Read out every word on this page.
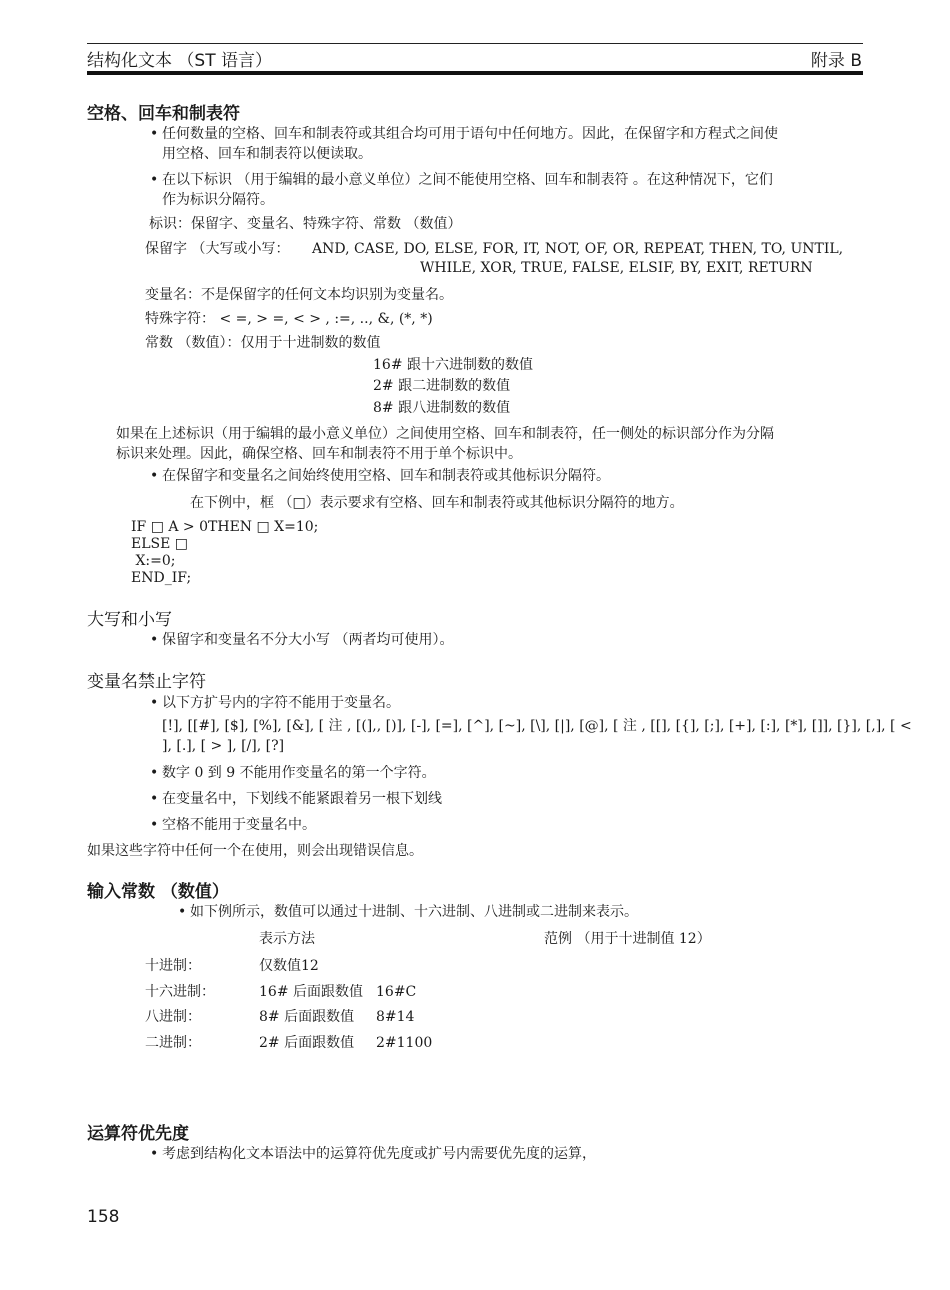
结构化文本 （ST 语言）	附录 B
空格、回车和制表符
• 任何数量的空格、回车和制表符或其组合均可用于语句中任何地方。因此，在保留字和方程式之间使
用空格、回车和制表符以便读取。
• 在以下标识 （用于编辑的最小意义单位）之间不能使用空格、回车和制表符 。在这种情况下，它们
作为标识分隔符。
标识：保留字、变量名、特殊字符、常数 （数值）
保留字 （大写或小写： AND, CASE, DO, ELSE, FOR, IT, NOT, OF, OR, REPEAT, THEN, TO, UNTIL,
WHILE, XOR, TRUE, FALSE, ELSIF, BY, EXIT, RETURN
变量名：不是保留字的任何文本均识别为变量名。
特殊字符： < =, > =, < > , :=, .., &, (*, *)
常数 （数值）：仅用于十进制数的数值
16# 跟十六进制数的数值
2# 跟二进制数的数值
8# 跟八进制数的数值
如果在上述标识（用于编辑的最小意义单位）之间使用空格、回车和制表符，任一侧处的标识部分作为分隔
标识来处理。因此，确保空格、回车和制表符不用于单个标识中。
• 在保留字和变量名之间始终使用空格、回车和制表符或其他标识分隔符。
在下例中，框 （□）表示要求有空格、回车和制表符或其他标识分隔符的地方。
IF □ A > 0THEN □ X=10;
ELSE □
X:=0;
END_IF;
大写和小写
• 保留字和变量名不分大小写 （两者均可使用）。
变量名禁止字符
• 以下方扩号内的字符不能用于变量名。
[!], [[#], [$], [%], [&], [ 注 , [(],, [)], [-], [=], [^], [~], [\], [|], [@], [ 注 , [[], [{], [;], [+], [:], [*], []], [}], [,], [ <
], [.], [ > ], [/], [?]
• 数字 0 到 9 不能用作变量名的第一个字符。
• 在变量名中，下划线不能紧跟着另一根下划线
• 空格不能用于变量名中。
如果这些字符中任何一个在使用，则会出现错误信息。
输入常数 （数值）
• 如下例所示，数值可以通过十进制、十六进制、八进制或二进制来表示。
表示方法	范例 （用于十进制值 12）
十进制：	仅数值12
十六进制：	16# 后面跟数值 16#C
八进制：	8# 后面跟数值 8#14
二进制：	2# 后面跟数值 2#1100
运算符优先度
• 考虑到结构化文本语法中的运算符优先度或扩号内需要优先度的运算，
158
